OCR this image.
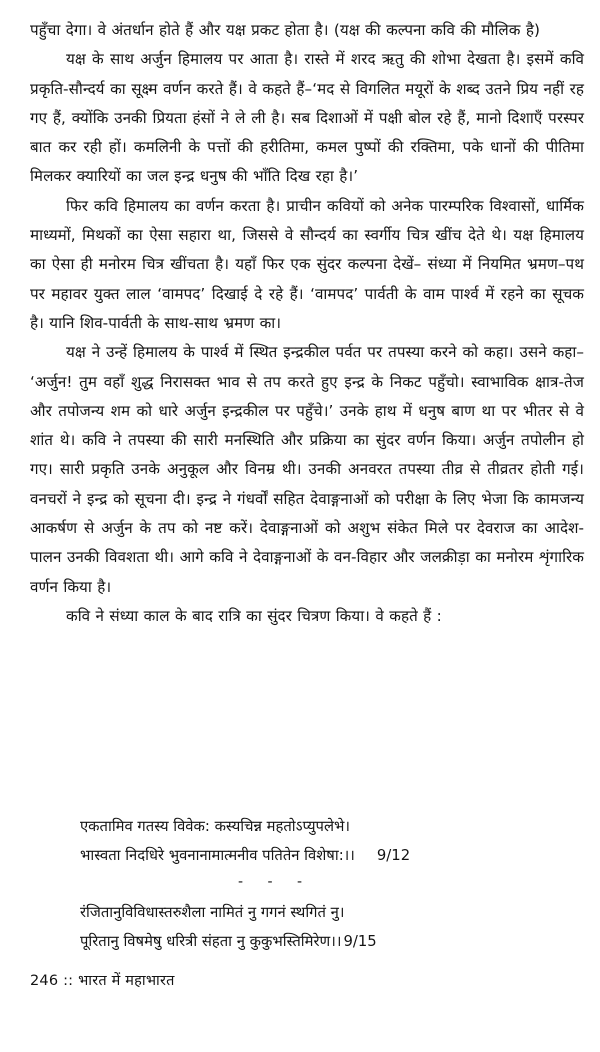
पहुँचा देगा। वे अंतर्धान होते हैं और यक्ष प्रकट होता है। (यक्ष की कल्पना कवि की मौलिक है)

यक्ष के साथ अर्जुन हिमालय पर आता है। रास्ते में शरद ऋतु की शोभा देखता है। इसमें कवि प्रकृति-सौन्दर्य का सूक्ष्म वर्णन करते हैं। वे कहते हैं–‘मद से विगलित मयूरों के शब्द उतने प्रिय नहीं रह गए हैं, क्योंकि उनकी प्रियता हंसों ने ले ली है। सब दिशाओं में पक्षी बोल रहे हैं, मानो दिशाएँ परस्पर बात कर रही हों। कमलिनी के पत्तों की हरीतिमा, कमल पुष्पों की रक्तिमा, पके धानों की पीतिमा मिलकर क्यारियों का जल इन्द्र धनुष की भाँति दिख रहा है।’

फिर कवि हिमालय का वर्णन करता है। प्राचीन कवियों को अनेक पारम्परिक विश्वासों, धार्मिक माध्यमों, मिथकों का ऐसा सहारा था, जिससे वे सौन्दर्य का स्वर्गीय चित्र खींच देते थे। यक्ष हिमालय का ऐसा ही मनोरम चित्र खींचता है। यहाँ फिर एक सुंदर कल्पना देखें– संध्या में नियमित भ्रमण–पथ पर महावर युक्त लाल ‘वामपद’ दिखाई दे रहे हैं। ‘वामपद’ पार्वती के वाम पार्श्व में रहने का सूचक है। यानि शिव-पार्वती के साथ-साथ भ्रमण का।

यक्ष ने उन्हें हिमालय के पार्श्व में स्थित इन्द्रकील पर्वत पर तपस्या करने को कहा। उसने कहा– ‘अर्जुन! तुम वहाँ शुद्ध निरासक्त भाव से तप करते हुए इन्द्र के निकट पहुँचो। स्वाभाविक क्षात्र-तेज और तपोजन्य शम को धारे अर्जुन इन्द्रकील पर पहुँचे।’ उनके हाथ में धनुष बाण था पर भीतर से वे शांत थे। कवि ने तपस्या की सारी मनस्थिति और प्रक्रिया का सुंदर वर्णन किया। अर्जुन तपोलीन हो गए। सारी प्रकृति उनके अनुकूल और विनम्र थी। उनकी अनवरत तपस्या तीव्र से तीव्रतर होती गई। वनचरों ने इन्द्र को सूचना दी। इन्द्र ने गंधर्वों सहित देवाङ्गनाओं को परीक्षा के लिए भेजा कि कामजन्य आकर्षण से अर्जुन के तप को नष्ट करें। देवाङ्गनाओं को अशुभ संकेत मिले पर देवराज का आदेश-पालन उनकी विवशता थी। आगे कवि ने देवाङ्गनाओं के वन-विहार और जलक्रीड़ा का मनोरम शृंगारिक वर्णन किया है।

कवि ने संध्या काल के बाद रात्रि का सुंदर चित्रण किया। वे कहते हैं :

एकतामिव गतस्य विवेक: कस्यचिन्न महतोऽप्युपलेभे।
भास्वता निदधिरे भुवनानामात्मनीव पतितेन विशेषा:।। 9/12
- - -
रंजितानुविविधास्तरुशैला नामितं नु गगनं स्थगितं नु।
पूरितानु विषमेषु धरित्री संहता नु कुकुभस्तिमिरेण।। 9/15
246 :: भारत में महाभारत
